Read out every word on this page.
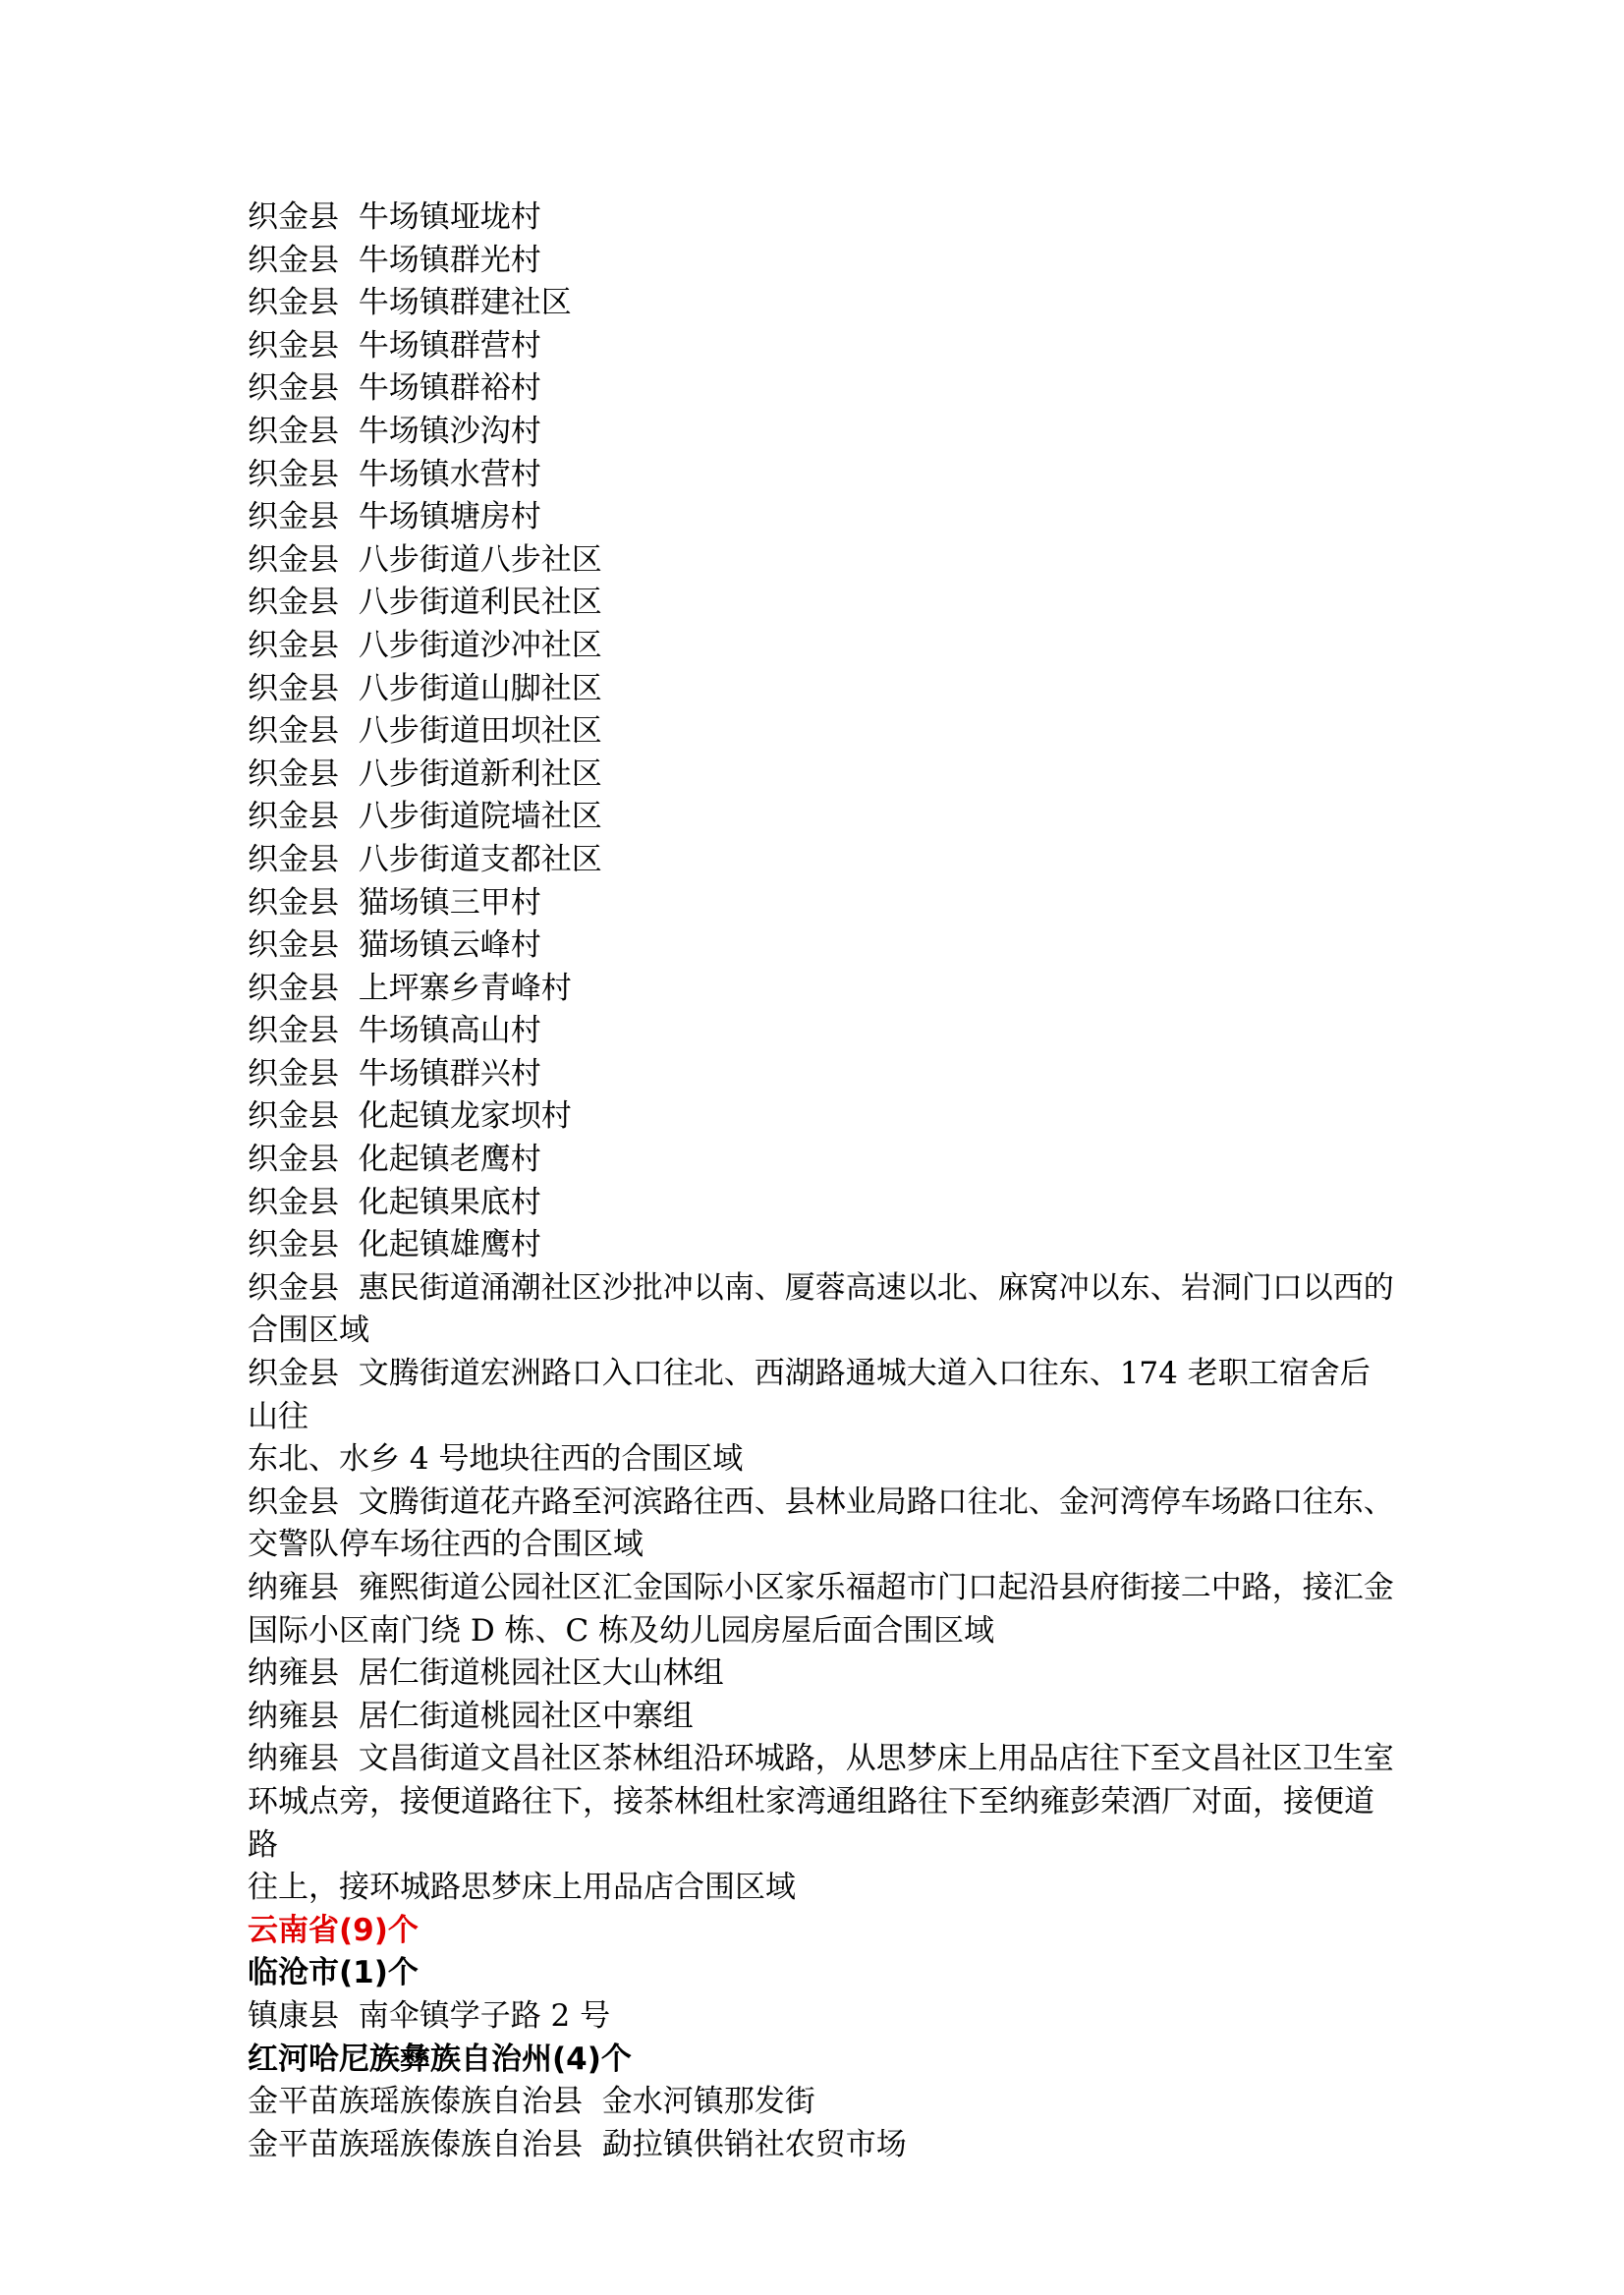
织金县  牛场镇垭垅村

织金县  牛场镇群光村

织金县  牛场镇群建社区

织金县  牛场镇群营村

织金县  牛场镇群裕村

织金县  牛场镇沙沟村

织金县  牛场镇水营村

织金县  牛场镇塘房村

织金县  八步街道八步社区

织金县  八步街道利民社区

织金县  八步街道沙冲社区

织金县  八步街道山脚社区

织金县  八步街道田坝社区

织金县  八步街道新利社区

织金县  八步街道院墙社区

织金县  八步街道支都社区

织金县  猫场镇三甲村

织金县  猫场镇云峰村

织金县  上坪寨乡青峰村

织金县  牛场镇高山村

织金县  牛场镇群兴村

织金县  化起镇龙家坝村

织金县  化起镇老鹰村

织金县  化起镇果底村

织金县  化起镇雄鹰村

织金县  惠民街道涌潮社区沙批冲以南、厦蓉高速以北、麻窝冲以东、岩洞门口以西的

合围区域

织金县  文腾街道宏洲路口入口往北、西湖路通城大道入口往东、174 老职工宿舍后山往

东北、水乡 4 号地块往西的合围区域

织金县  文腾街道花卉路至河滨路往西、县林业局路口往北、金河湾停车场路口往东、

交警队停车场往西的合围区域

纳雍县  雍熙街道公园社区汇金国际小区家乐福超市门口起沿县府街接二中路，接汇金

国际小区南门绕 D 栋、C 栋及幼儿园房屋后面合围区域

纳雍县  居仁街道桃园社区大山林组

纳雍县  居仁街道桃园社区中寨组

纳雍县  文昌街道文昌社区茶林组沿环城路，从思梦床上用品店往下至文昌社区卫生室

环城点旁，接便道路往下，接茶林组杜家湾通组路往下至纳雍彭荣酒厂对面，接便道路

往上，接环城路思梦床上用品店合围区域

云南省(9)个

临沧市(1)个

镇康县  南伞镇学子路 2 号

红河哈尼族彝族自治州(4)个

金平苗族瑶族傣族自治县  金水河镇那发街

金平苗族瑶族傣族自治县  勐拉镇供销社农贸市场
